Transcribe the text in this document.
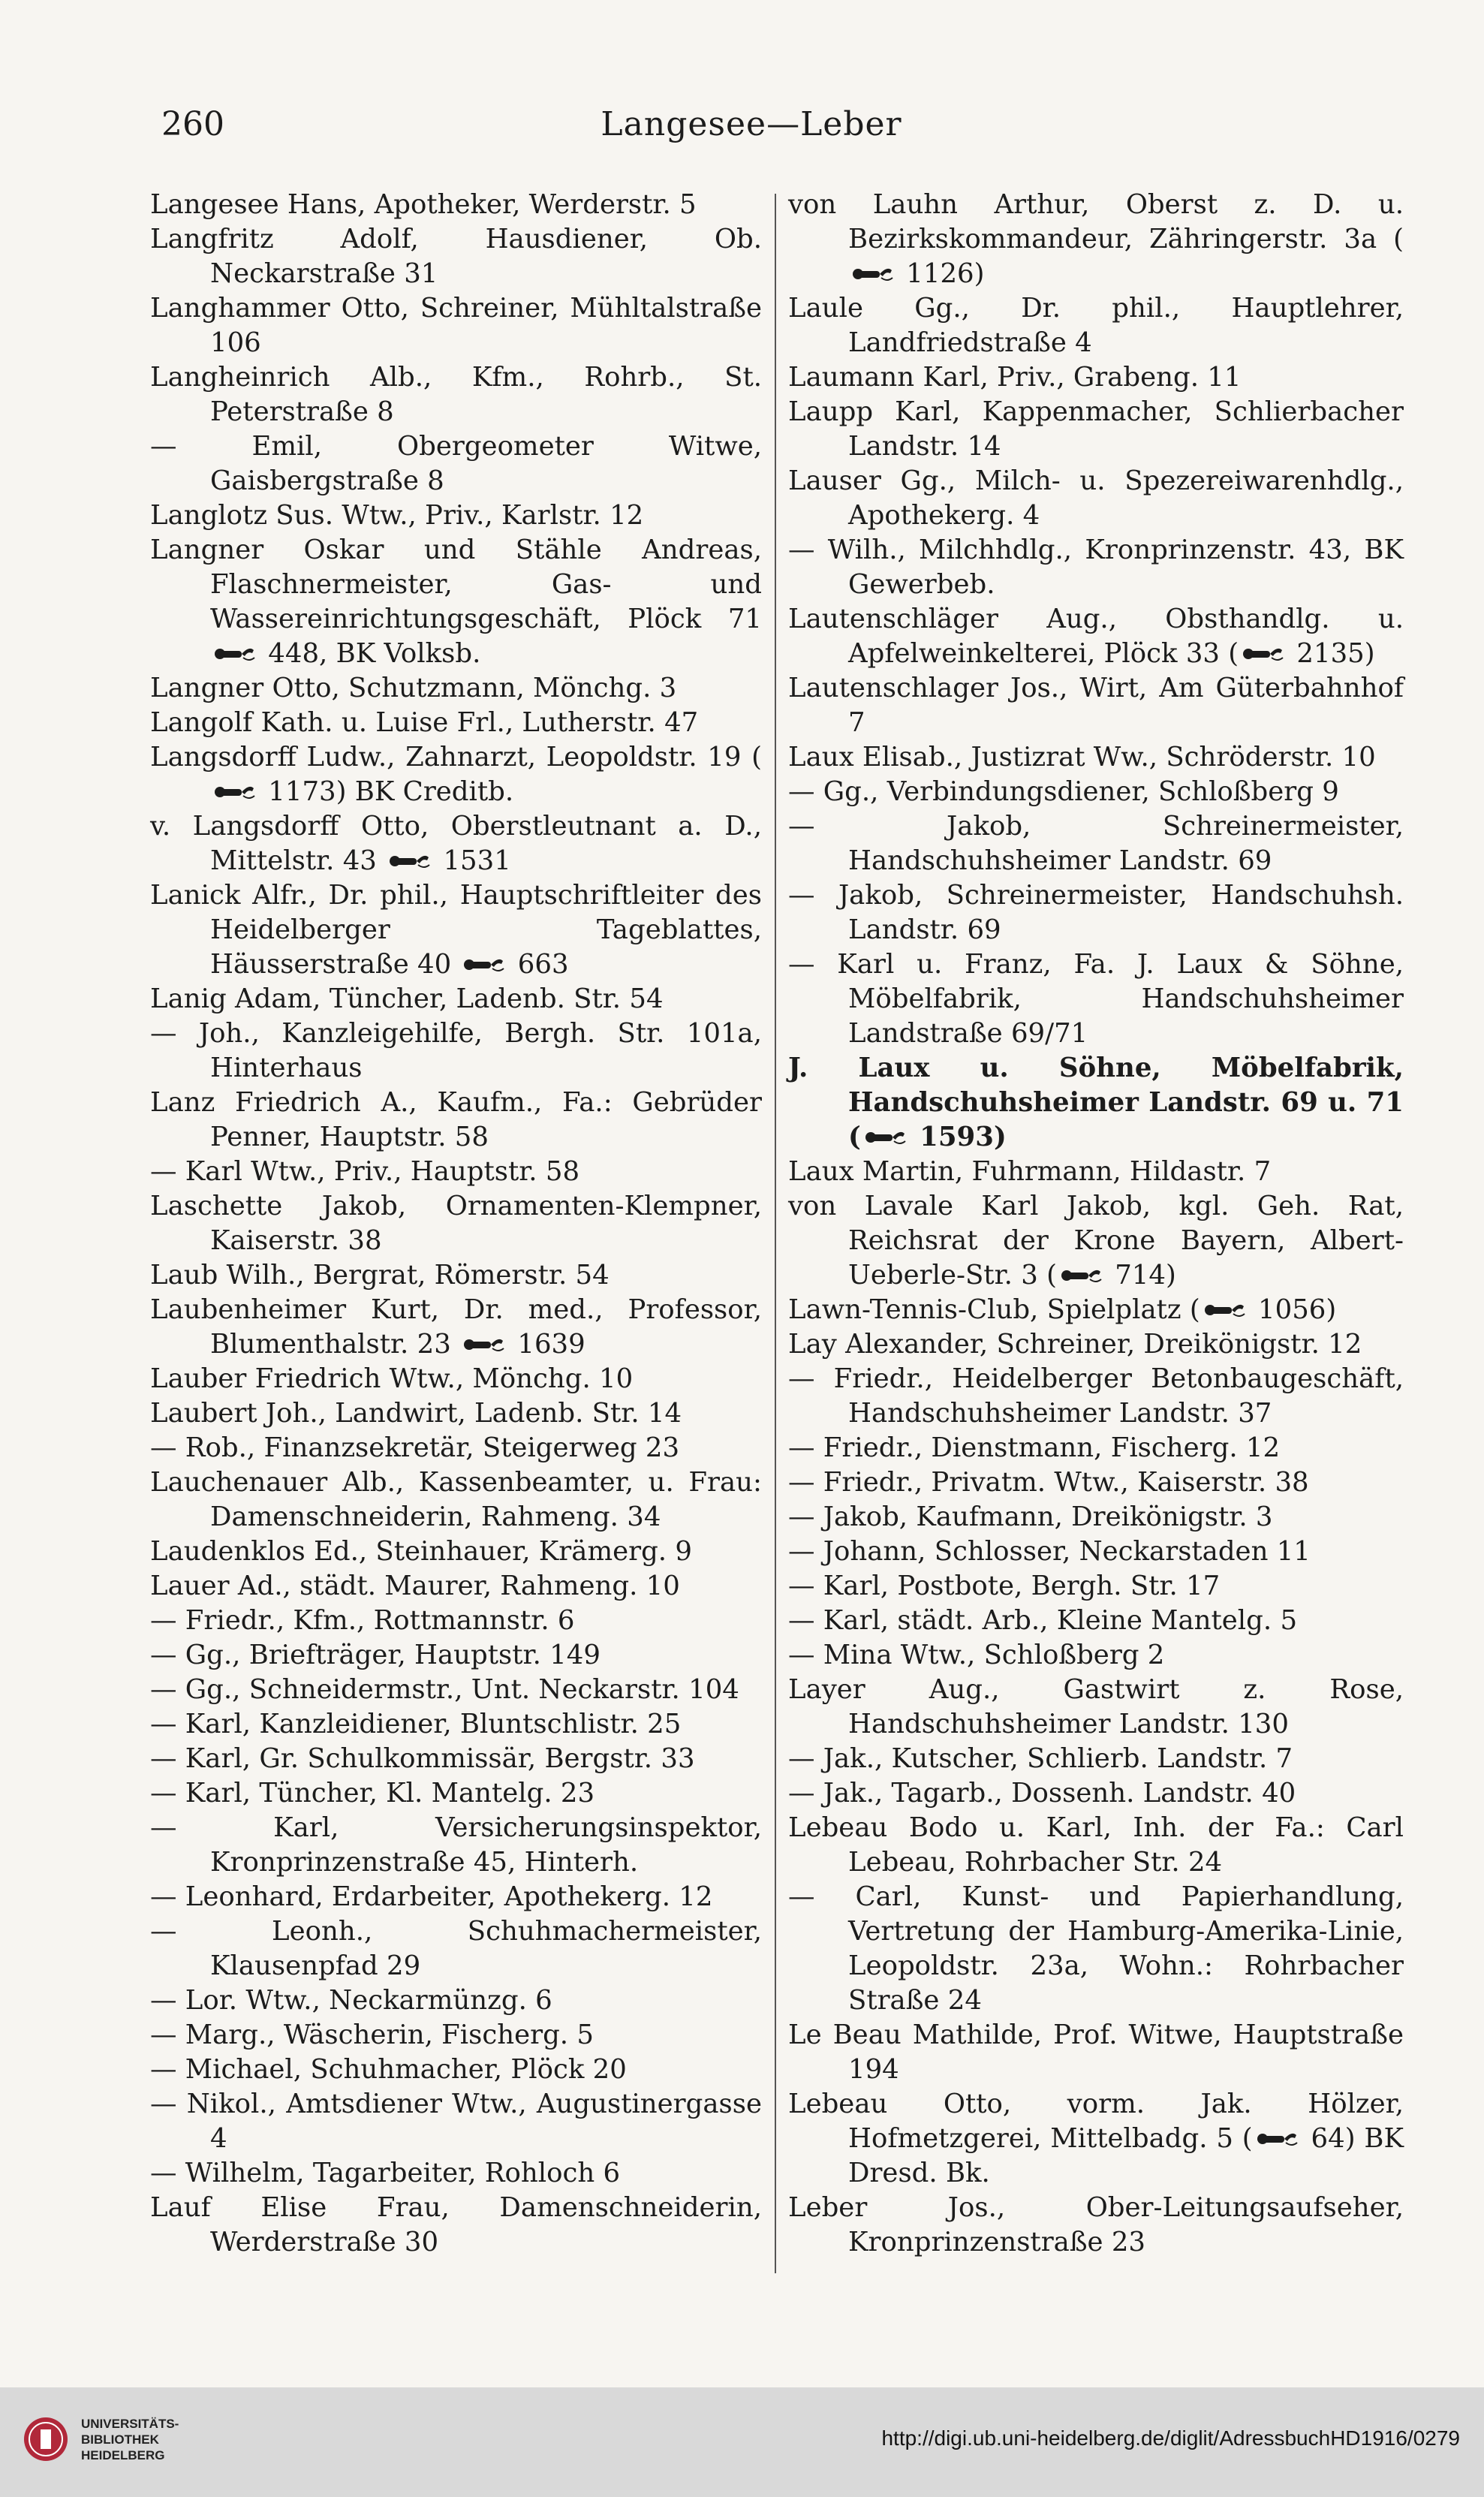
260	Langesee—Leber

Langesee Hans, Apotheker, Werderstr. 5

Langfritz Adolf, Hausdiener, Ob. Neckarstraße 31

Langhammer Otto, Schreiner, Mühltalstraße 106

Langheinrich Alb., Kfm., Rohrb., St. Peterstraße 8

— Emil, Obergeometer Witwe, Gaisbergstraße 8

Langlotz Sus. Wtw., Priv., Karlstr. 12

Langner Oskar und Stähle Andreas, Flaschnermeister, Gas- und Wassereinrichtungsgeschäft, Plöck 71  448, BK Volksb.

Langner Otto, Schutzmann, Mönchg. 3

Langolf Kath. u. Luise Frl., Lutherstr. 47

Langsdorff Ludw., Zahnarzt, Leopoldstr. 19 ( 1173) BK Creditb.

v. Langsdorff Otto, Oberstleutnant a. D., Mittelstr. 43  1531

Lanick Alfr., Dr. phil., Hauptschriftleiter des Heidelberger Tageblattes, Häusserstraße 40  663

Lanig Adam, Tüncher, Ladenb. Str. 54

— Joh., Kanzleigehilfe, Bergh. Str. 101a, Hinterhaus

Lanz Friedrich A., Kaufm., Fa.: Gebrüder Penner, Hauptstr. 58

— Karl Wtw., Priv., Hauptstr. 58

Laschette Jakob, Ornamenten-Klempner, Kaiserstr. 38

Laub Wilh., Bergrat, Römerstr. 54

Laubenheimer Kurt, Dr. med., Professor, Blumenthalstr. 23  1639

Lauber Friedrich Wtw., Mönchg. 10

Laubert Joh., Landwirt, Ladenb. Str. 14

— Rob., Finanzsekretär, Steigerweg 23

Lauchenauer Alb., Kassenbeamter, u. Frau: Damenschneiderin, Rahmeng. 34

Laudenklos Ed., Steinhauer, Krämerg. 9

Lauer Ad., städt. Maurer, Rahmeng. 10

— Friedr., Kfm., Rottmannstr. 6

— Gg., Briefträger, Hauptstr. 149

— Gg., Schneidermstr., Unt. Neckarstr. 104

— Karl, Kanzleidiener, Bluntschlistr. 25

— Karl, Gr. Schulkommissär, Bergstr. 33

— Karl, Tüncher, Kl. Mantelg. 23

— Karl, Versicherungsinspektor, Kronprinzenstraße 45, Hinterh.

— Leonhard, Erdarbeiter, Apothekerg. 12

— Leonh., Schuhmachermeister, Klausenpfad 29

— Lor. Wtw., Neckarmünzg. 6

— Marg., Wäscherin, Fischerg. 5

— Michael, Schuhmacher, Plöck 20

— Nikol., Amtsdiener Wtw., Augustinergasse 4

— Wilhelm, Tagarbeiter, Rohloch 6

Lauf Elise Frau, Damenschneiderin, Werderstraße 30

von Lauhn Arthur, Oberst z. D. u. Bezirkskommandeur, Zähringerstr. 3a ( 1126)

Laule Gg., Dr. phil., Hauptlehrer, Landfriedstraße 4

Laumann Karl, Priv., Grabeng. 11

Laupp Karl, Kappenmacher, Schlierbacher Landstr. 14

Lauser Gg., Milch- u. Spezereiwarenhdlg., Apothekerg. 4

— Wilh., Milchhdlg., Kronprinzenstr. 43, BK Gewerbeb.

Lautenschläger Aug., Obsthandlg. u. Apfelweinkelterei, Plöck 33 ( 2135)

Lautenschlager Jos., Wirt, Am Güterbahnhof 7

Laux Elisab., Justizrat Ww., Schröderstr. 10

— Gg., Verbindungsdiener, Schloßberg 9

— Jakob, Schreinermeister, Handschuhsheimer Landstr. 69

— Jakob, Schreinermeister, Handschuhsh. Landstr. 69

— Karl u. Franz, Fa. J. Laux & Söhne, Möbelfabrik, Handschuhsheimer Landstraße 69/71

J. Laux u. Söhne, Möbelfabrik, Handschuhsheimer Landstr. 69 u. 71 ( 1593)

Laux Martin, Fuhrmann, Hildastr. 7

von Lavale Karl Jakob, kgl. Geh. Rat, Reichsrat der Krone Bayern, Albert-Ueberle-Str. 3 ( 714)

Lawn-Tennis-Club, Spielplatz ( 1056)

Lay Alexander, Schreiner, Dreikönigstr. 12

— Friedr., Heidelberger Betonbaugeschäft, Handschuhsheimer Landstr. 37

— Friedr., Dienstmann, Fischerg. 12

— Friedr., Privatm. Wtw., Kaiserstr. 38

— Jakob, Kaufmann, Dreikönigstr. 3

— Johann, Schlosser, Neckarstaden 11

— Karl, Postbote, Bergh. Str. 17

— Karl, städt. Arb., Kleine Mantelg. 5

— Mina Wtw., Schloßberg 2

Layer Aug., Gastwirt z. Rose, Handschuhsheimer Landstr. 130

— Jak., Kutscher, Schlierb. Landstr. 7

— Jak., Tagarb., Dossenh. Landstr. 40

Lebeau Bodo u. Karl, Inh. der Fa.: Carl Lebeau, Rohrbacher Str. 24

— Carl, Kunst- und Papierhandlung, Vertretung der Hamburg-Amerika-Linie, Leopoldstr. 23a, Wohn.: Rohrbacher Straße 24

Le Beau Mathilde, Prof. Witwe, Hauptstraße 194

Lebeau Otto, vorm. Jak. Hölzer, Hofmetzgerei, Mittelbadg. 5 ( 64) BK Dresd. Bk.

Leber Jos., Ober-Leitungsaufseher, Kronprinzenstraße 23

UNIVERSITÄTS-
BIBLIOTHEK
HEIDELBERG
http://digi.ub.uni-heidelberg.de/diglit/AdressbuchHD1916/0279
